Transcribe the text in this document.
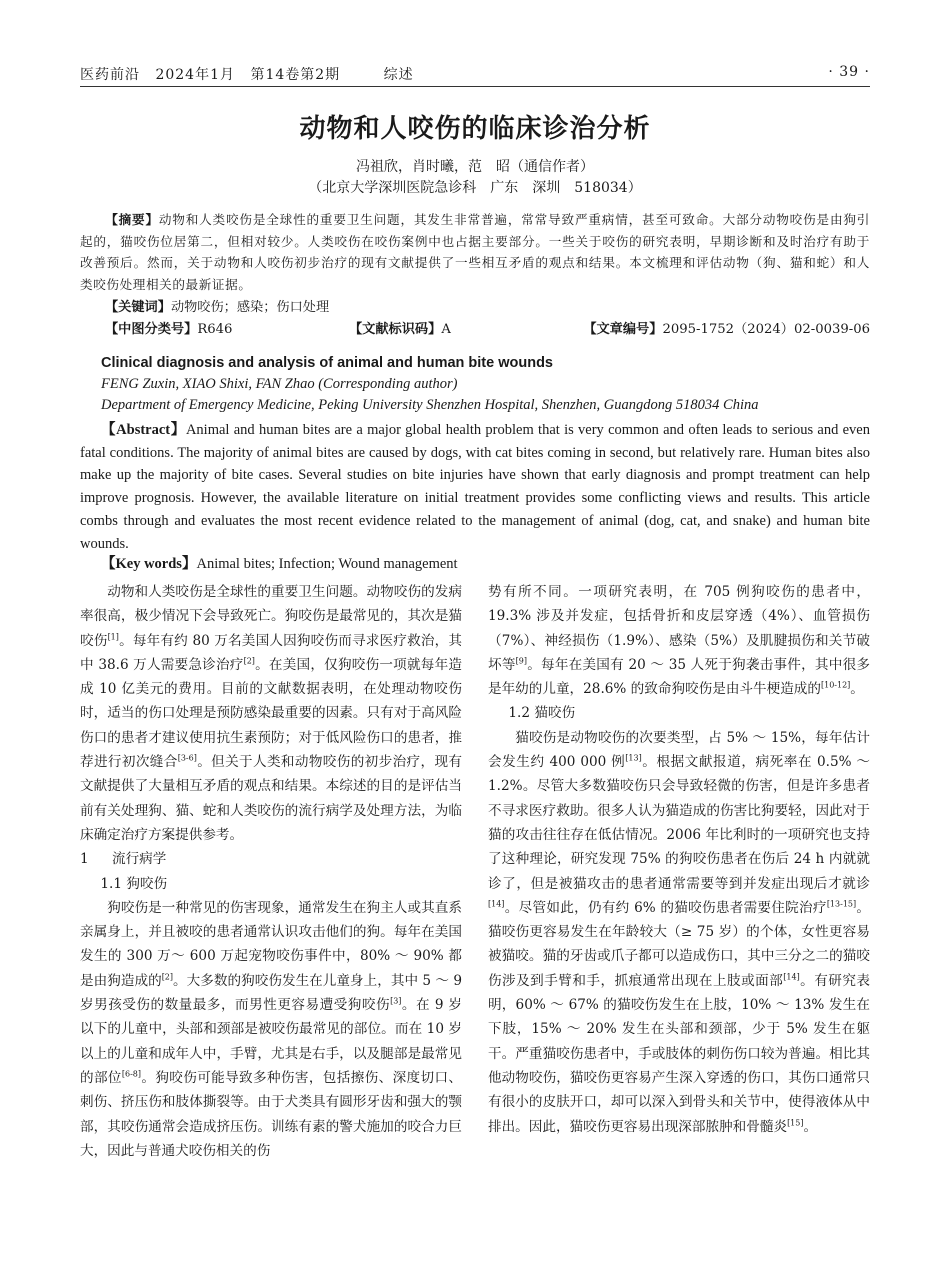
医药前沿 2024年1月 第14卷第2期	综述	· 39 ·
动物和人咬伤的临床诊治分析
冯祖欣，肖时曦，范　昭（通信作者）
（北京大学深圳医院急诊科　广东　深圳　518034）
【摘要】动物和人类咬伤是全球性的重要卫生问题，其发生非常普遍，常常导致严重病情，甚至可致命。大部分动物咬伤是由狗引起的，猫咬伤位居第二，但相对较少。人类咬伤在咬伤案例中也占据主要部分。一些关于咬伤的研究表明，早期诊断和及时治疗有助于改善预后。然而，关于动物和人咬伤初步治疗的现有文献提供了一些相互矛盾的观点和结果。本文梳理和评估动物（狗、猫和蛇）和人类咬伤处理相关的最新证据。
【关键词】动物咬伤；感染；伤口处理
【中图分类号】R646	【文献标识码】A	【文章编号】2095-1752（2024）02-0039-06
Clinical diagnosis and analysis of animal and human bite wounds
FENG Zuxin, XIAO Shixi, FAN Zhao (Corresponding author)
Department of Emergency Medicine, Peking University Shenzhen Hospital, Shenzhen, Guangdong 518034 China
【Abstract】Animal and human bites are a major global health problem that is very common and often leads to serious and even fatal conditions. The majority of animal bites are caused by dogs, with cat bites coming in second, but relatively rare. Human bites also make up the majority of bite cases. Several studies on bite injuries have shown that early diagnosis and prompt treatment can help improve prognosis. However, the available literature on initial treatment provides some conflicting views and results. This article combs through and evaluates the most recent evidence related to the management of animal (dog, cat, and snake) and human bite wounds.
【Key words】Animal bites; Infection; Wound management

动物和人类咬伤是全球性的重要卫生问题。动物咬伤的发病率很高，极少情况下会导致死亡。狗咬伤是最常见的，其次是猫咬伤[1]。每年有约 80 万名美国人因狗咬伤而寻求医疗救治，其中 38.6 万人需要急诊治疗[2]。在美国，仅狗咬伤一项就每年造成 10 亿美元的费用。目前的文献数据表明，在处理动物咬伤时，适当的伤口处理是预防感染最重要的因素。只有对于高风险伤口的患者才建议使用抗生素预防；对于低风险伤口的患者，推荐进行初次缝合[3-6]。但关于人类和动物咬伤的初步治疗，现有文献提供了大量相互矛盾的观点和结果。本综述的目的是评估当前有关处理狗、猫、蛇和人类咬伤的流行病学及处理方法，为临床确定治疗方案提供参考。

1 流行病学

1.1 狗咬伤

狗咬伤是一种常见的伤害现象，通常发生在狗主人或其直系亲属身上，并且被咬的患者通常认识攻击他们的狗。每年在美国发生的 300 万～ 600 万起宠物咬伤事件中，80% ～ 90% 都是由狗造成的[2]。大多数的狗咬伤发生在儿童身上，其中 5 ～ 9 岁男孩受伤的数量最多，而男性更容易遭受狗咬伤[3]。在 9 岁以下的儿童中，头部和颈部是被咬伤最常见的部位。而在 10 岁以上的儿童和成年人中，手臂，尤其是右手，以及腿部是最常见的部位[6-8]。狗咬伤可能导致多种伤害，包括擦伤、深度切口、刺伤、挤压伤和肢体撕裂等。由于犬类具有圆形牙齿和强大的颚部，其咬伤通常会造成挤压伤。训练有素的警犬施加的咬合力巨大，因此与普通犬咬伤相关的伤

势有所不同。一项研究表明，在 705 例狗咬伤的患者中，19.3% 涉及并发症，包括骨折和皮层穿透（4%）、血管损伤（7%）、神经损伤（1.9%）、感染（5%）及肌腱损伤和关节破坏等[9]。每年在美国有 20 ～ 35 人死于狗袭击事件，其中很多是年幼的儿童，28.6% 的致命狗咬伤是由斗牛梗造成的[10-12]。

1.2 猫咬伤

猫咬伤是动物咬伤的次要类型，占 5% ～ 15%，每年估计会发生约 400 000 例[13]。根据文献报道，病死率在 0.5% ～ 1.2%。尽管大多数猫咬伤只会导致轻微的伤害，但是许多患者不寻求医疗救助。很多人认为猫造成的伤害比狗要轻，因此对于猫的攻击往往存在低估情况。2006 年比利时的一项研究也支持了这种理论，研究发现 75% 的狗咬伤患者在伤后 24 h 内就就诊了，但是被猫攻击的患者通常需要等到并发症出现后才就诊[14]。尽管如此，仍有约 6% 的猫咬伤患者需要住院治疗[13-15]。猫咬伤更容易发生在年龄较大（≥ 75 岁）的个体，女性更容易被猫咬。猫的牙齿或爪子都可以造成伤口，其中三分之二的猫咬伤涉及到手臂和手，抓痕通常出现在上肢或面部[14]。有研究表明，60% ～ 67% 的猫咬伤发生在上肢，10% ～ 13% 发生在下肢，15% ～ 20% 发生在头部和颈部，少于 5% 发生在躯干。严重猫咬伤患者中，手或肢体的刺伤伤口较为普遍。相比其他动物咬伤，猫咬伤更容易产生深入穿透的伤口，其伤口通常只有很小的皮肤开口，却可以深入到骨头和关节中，使得液体从中排出。因此，猫咬伤更容易出现深部脓肿和骨髓炎[15]。
